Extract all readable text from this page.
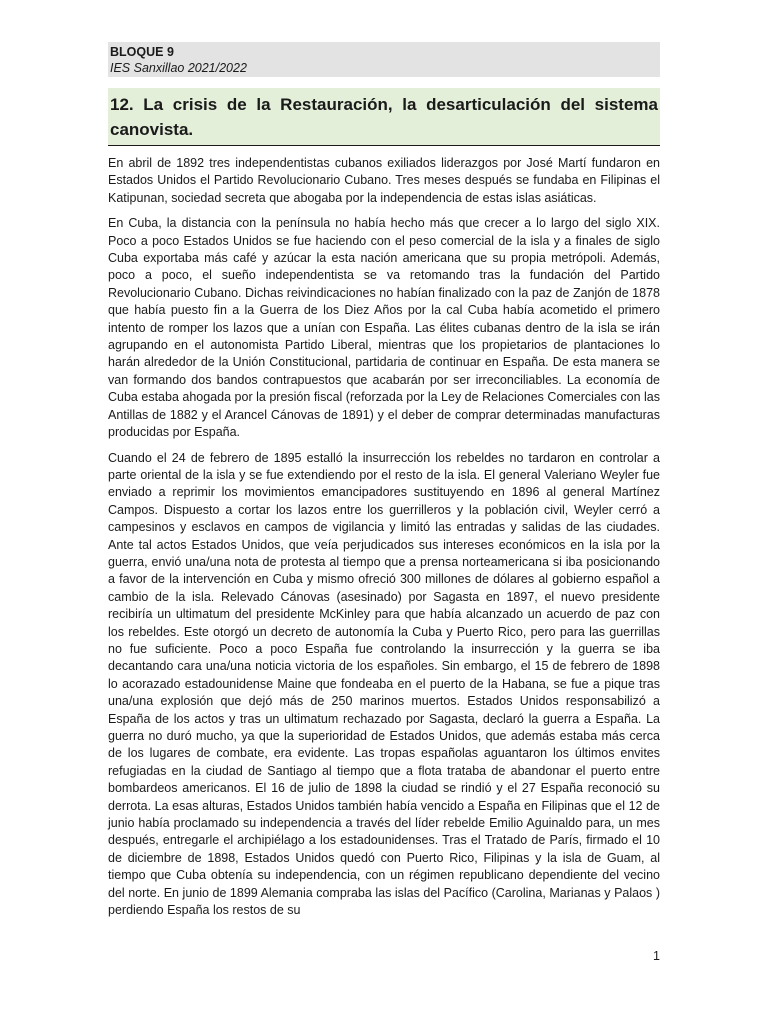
BLOQUE 9
IES Sanxillao 2021/2022

12. La crisis de la Restauración, la desarticulación del sistema canovista.

En abril de 1892 tres independentistas cubanos exiliados liderazgos por José Martí fundaron en Estados Unidos el Partido Revolucionario Cubano. Tres meses después se fundaba en Filipinas el Katipunan, sociedad secreta que abogaba por la independencia de estas islas asiáticas.

En Cuba, la distancia con la península no había hecho más que crecer a lo largo del siglo XIX. Poco a poco Estados Unidos se fue haciendo con el peso comercial de la isla y a finales de siglo Cuba exportaba más café y azúcar la esta nación americana que su propia metrópoli. Además, poco a poco, el sueño independentista se va retomando tras la fundación del Partido Revolucionario Cubano. Dichas reivindicaciones no habían finalizado con la paz de Zanjón de 1878 que había puesto fin a la Guerra de los Diez Años por la cal Cuba había acometido el primero intento de romper los lazos que a unían con España. Las élites cubanas dentro de la isla se irán agrupando en el autonomista Partido Liberal, mientras que los propietarios de plantaciones lo harán alrededor de la Unión Constitucional, partidaria de continuar en España. De esta manera se van formando dos bandos contrapuestos que acabarán por ser irreconciliables. La economía de Cuba estaba ahogada por la presión fiscal (reforzada por la Ley de Relaciones Comerciales con las Antillas de 1882 y el Arancel Cánovas de 1891) y el deber de comprar determinadas manufacturas producidas por España.

Cuando el 24 de febrero de 1895 estalló la insurrección los rebeldes no tardaron en controlar a parte oriental de la isla y se fue extendiendo por el resto de la isla. El general Valeriano Weyler fue enviado a reprimir los movimientos emancipadores sustituyendo en 1896 al general Martínez Campos. Dispuesto a cortar los lazos entre los guerrilleros y la población civil, Weyler cerró a campesinos y esclavos en campos de vigilancia y limitó las entradas y salidas de las ciudades. Ante tal actos Estados Unidos, que veía perjudicados sus intereses económicos en la isla por la guerra, envió una/una nota de protesta al tiempo que a prensa norteamericana si iba posicionando a favor de la intervención en Cuba y mismo ofreció 300 millones de dólares al gobierno español a cambio de la isla. Relevado Cánovas (asesinado) por Sagasta en 1897, el nuevo presidente recibiría un ultimatum del presidente McKinley para que había alcanzado un acuerdo de paz con los rebeldes. Este otorgó un decreto de autonomía la Cuba y Puerto Rico, pero para las guerrillas no fue suficiente. Poco a poco España fue controlando la insurrección y la guerra se iba decantando cara una/una noticia victoria de los españoles. Sin embargo, el 15 de febrero de 1898 lo acorazado estadounidense Maine que fondeaba en el puerto de la Habana, se fue a pique tras una/una explosión que dejó más de 250 marinos muertos. Estados Unidos responsabilizó a España de los actos y tras un ultimatum rechazado por Sagasta, declaró la guerra a España. La guerra no duró mucho, ya que la superioridad de Estados Unidos, que además estaba más cerca de los lugares de combate, era evidente. Las tropas españolas aguantaron los últimos envites refugiadas en la ciudad de Santiago al tiempo que a flota trataba de abandonar el puerto entre bombardeos americanos. El 16 de julio de 1898 la ciudad se rindió y el 27 España reconoció su derrota. La esas alturas, Estados Unidos también había vencido a España en Filipinas que el 12 de junio había proclamado su independencia a través del líder rebelde Emilio Aguinaldo para, un mes después, entregarle el archipiélago a los estadounidenses. Tras el Tratado de París, firmado el 10 de diciembre de 1898, Estados Unidos quedó con Puerto Rico, Filipinas y la isla de Guam, al tiempo que Cuba obtenía su independencia, con un régimen republicano dependiente del vecino del norte. En junio de 1899 Alemania compraba las islas del Pacífico (Carolina, Marianas y Palaos ) perdiendo España los restos de su

1
